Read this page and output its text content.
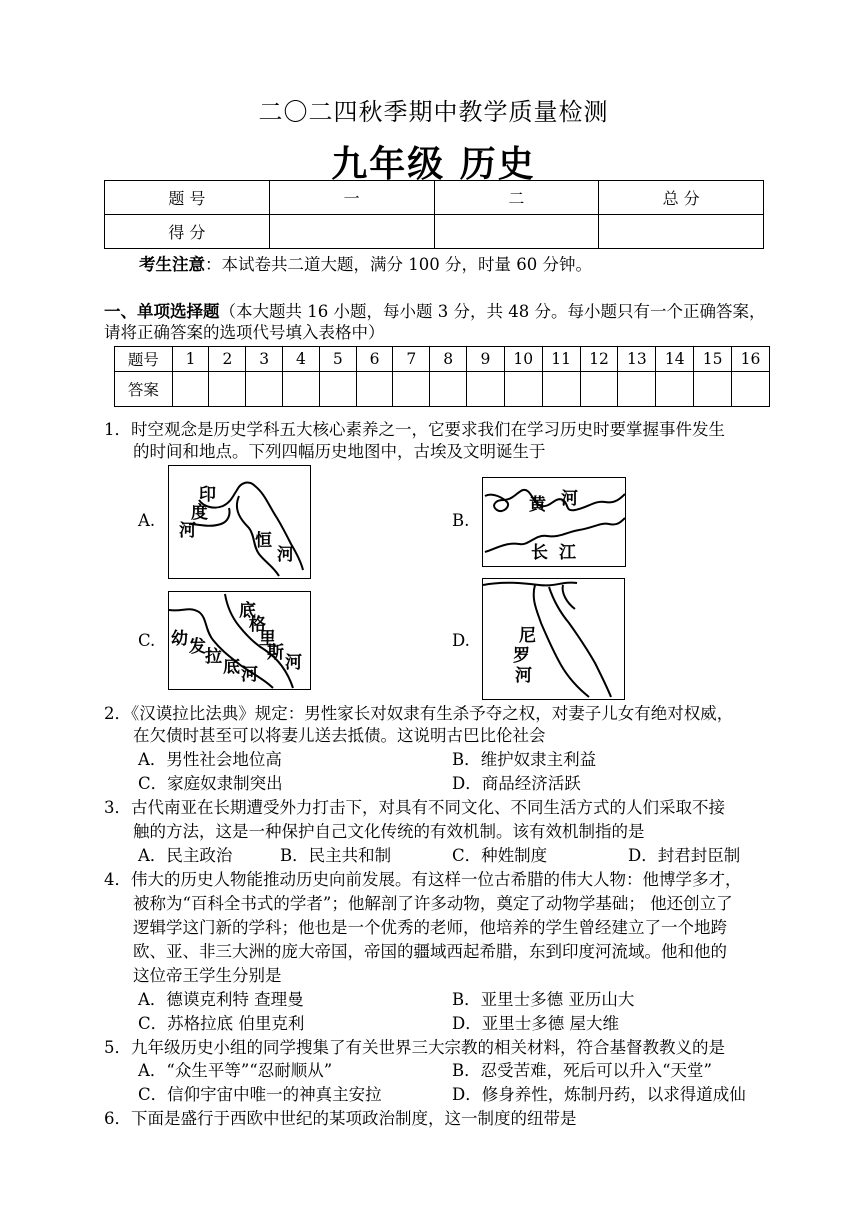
二〇二四秋季期中教学质量检测
九年级 历史
题 号	一	二	总 分
得 分			
考生注意：本试卷共二道大题，满分 100 分，时量 60 分钟。
一、单项选择题（本大题共 16 小题，每小题 3 分，共 48 分。每小题只有一个正确答案，
请将正确答案的选项代号填入表格中）
题号	1	2	3	4	5	6	7	8	9	10	11	12	13	14	15	16
答案																
1．时空观念是历史学科五大核心素养之一，它要求我们在学习历史时要掌握事件发生
的时间和地点。下列四幅历史地图中，古埃及文明诞生于
A.
印
度
河	恒
河
B.
黄 河
长 江
C. 幼 发 拉 底 河
底
格
里
斯 河
D.	尼
罗
河
2．《汉谟拉比法典》规定：男性家长对奴隶有生杀予夺之权，对妻子儿女有绝对权威，
在欠债时甚至可以将妻儿送去抵债。这说明古巴比伦社会
A．男性社会地位高	B．维护奴隶主利益
C．家庭奴隶制突出	D．商品经济活跃
3．古代南亚在长期遭受外力打击下，对具有不同文化、不同生活方式的人们采取不接
触的方法，这是一种保护自己文化传统的有效机制。该有效机制指的是
A．民主政治	B．民主共和制	C．种姓制度	D．封君封臣制
4．伟大的历史人物能推动历史向前发展。有这样一位古希腊的伟大人物：他博学多才，
被称为“百科全书式的学者”；他解剖了许多动物，奠定了动物学基础； 他还创立了
逻辑学这门新的学科；他也是一个优秀的老师，他培养的学生曾经建立了一个地跨
欧、亚、非三大洲的庞大帝国，帝国的疆域西起希腊，东到印度河流域。他和他的
这位帝王学生分别是
A．德谟克利特 查理曼	B．亚里士多德 亚历山大
C．苏格拉底 伯里克利	D．亚里士多德 屋大维
5．九年级历史小组的同学搜集了有关世界三大宗教的相关材料，符合基督教教义的是
A．“众生平等”“忍耐顺从”	B．忍受苦难，死后可以升入“天堂”
C．信仰宇宙中唯一的神真主安拉	D．修身养性，炼制丹药，以求得道成仙
6．下面是盛行于西欧中世纪的某项政治制度，这一制度的纽带是
